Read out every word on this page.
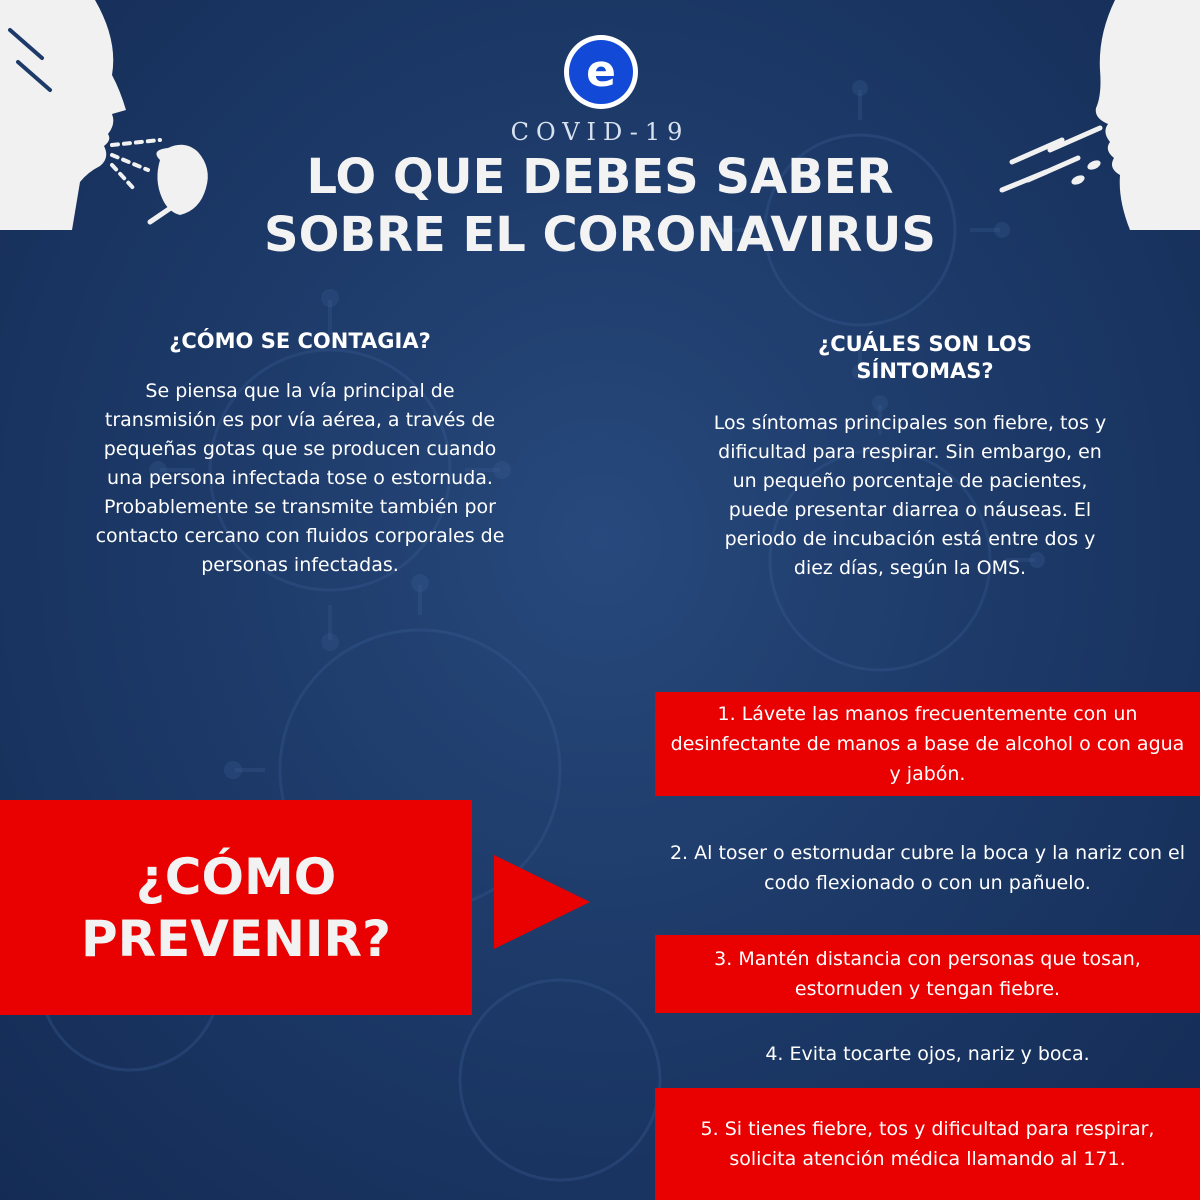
e
COVID-19
LO QUE DEBES SABER
SOBRE EL CORONAVIRUS
¿CÓMO SE CONTAGIA?
Se piensa que la vía principal de transmisión es por vía aérea, a través de pequeñas gotas que se producen cuando una persona infectada tose o estornuda. Probablemente se transmite también por contacto cercano con fluidos corporales de personas infectadas.
¿CUÁLES SON LOS SÍNTOMAS?
Los síntomas principales son fiebre, tos y dificultad para respirar. Sin embargo, en un pequeño porcentaje de pacientes, puede presentar diarrea o náuseas. El periodo de incubación está entre dos y diez días, según la OMS.
¿CÓMO
PREVENIR?
1. Lávete las manos frecuentemente con un desinfectante de manos a base de alcohol o con agua y jabón.
2. Al toser o estornudar cubre la boca y la nariz con el codo flexionado o con un pañuelo.
3. Mantén distancia con personas que tosan, estornuden y tengan fiebre.
4. Evita tocarte ojos, nariz y boca.
5. Si tienes fiebre, tos y dificultad para respirar, solicita atención médica llamando al 171.
